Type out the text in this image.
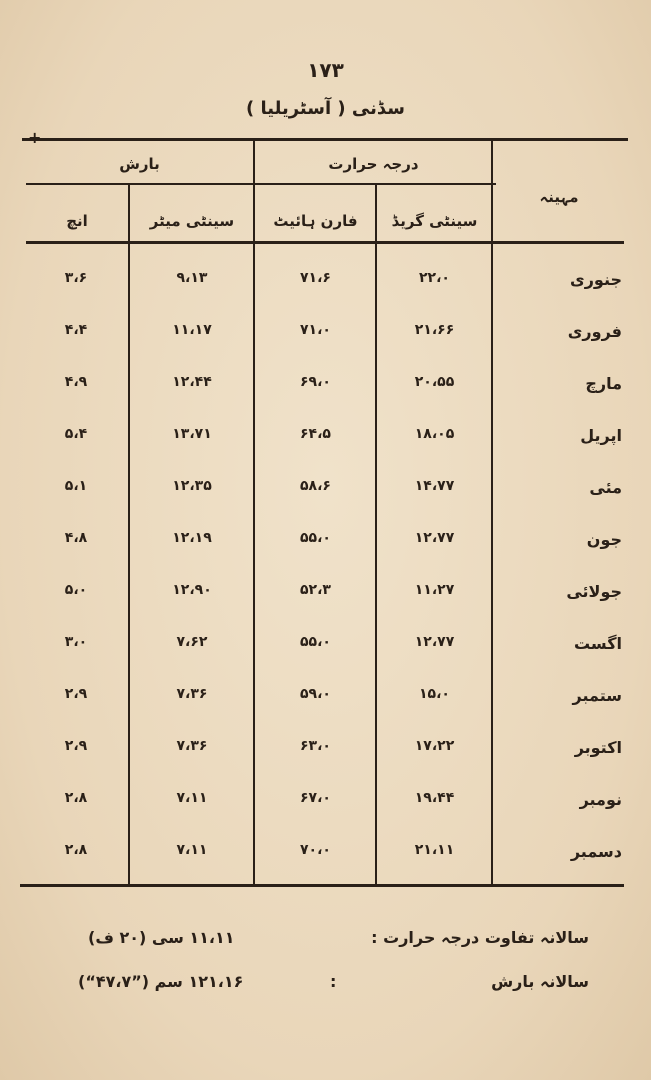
۱۷۳
سڈنی ( آسٹریلیا )
+
مہینہ
درجہ حرارت
بارش
سینٹی گریڈ
فارن ہائیٹ
سینٹی میٹر
انچ
جنوری
۲۲،۰
۷۱،۶
۹،۱۳
۳،۶
فروری
۲۱،۶۶
۷۱،۰
۱۱،۱۷
۴،۴
مارچ
۲۰،۵۵
۶۹،۰
۱۲،۴۴
۴،۹
اپریل
۱۸،۰۵
۶۴،۵
۱۳،۷۱
۵،۴
مئی
۱۴،۷۷
۵۸،۶
۱۲،۳۵
۵،۱
جون
۱۲،۷۷
۵۵،۰
۱۲،۱۹
۴،۸
جولائی
۱۱،۲۷
۵۲،۳
۱۲،۹۰
۵،۰
اگست
۱۲،۷۷
۵۵،۰
۷،۶۲
۳،۰
ستمبر
۱۵،۰
۵۹،۰
۷،۳۶
۲،۹
اکتوبر
۱۷،۲۲
۶۳،۰
۷،۳۶
۲،۹
نومبر
۱۹،۴۴
۶۷،۰
۷،۱۱
۲،۸
دسمبر
۲۱،۱۱
۷۰،۰
۷،۱۱
۲،۸
سالانہ تفاوت درجہ حرارت :
۱۱،۱۱ سی (۲۰ ف)
سالانہ بارش
:
۱۲۱،۱۶ سم (”۴۷،۷“)
